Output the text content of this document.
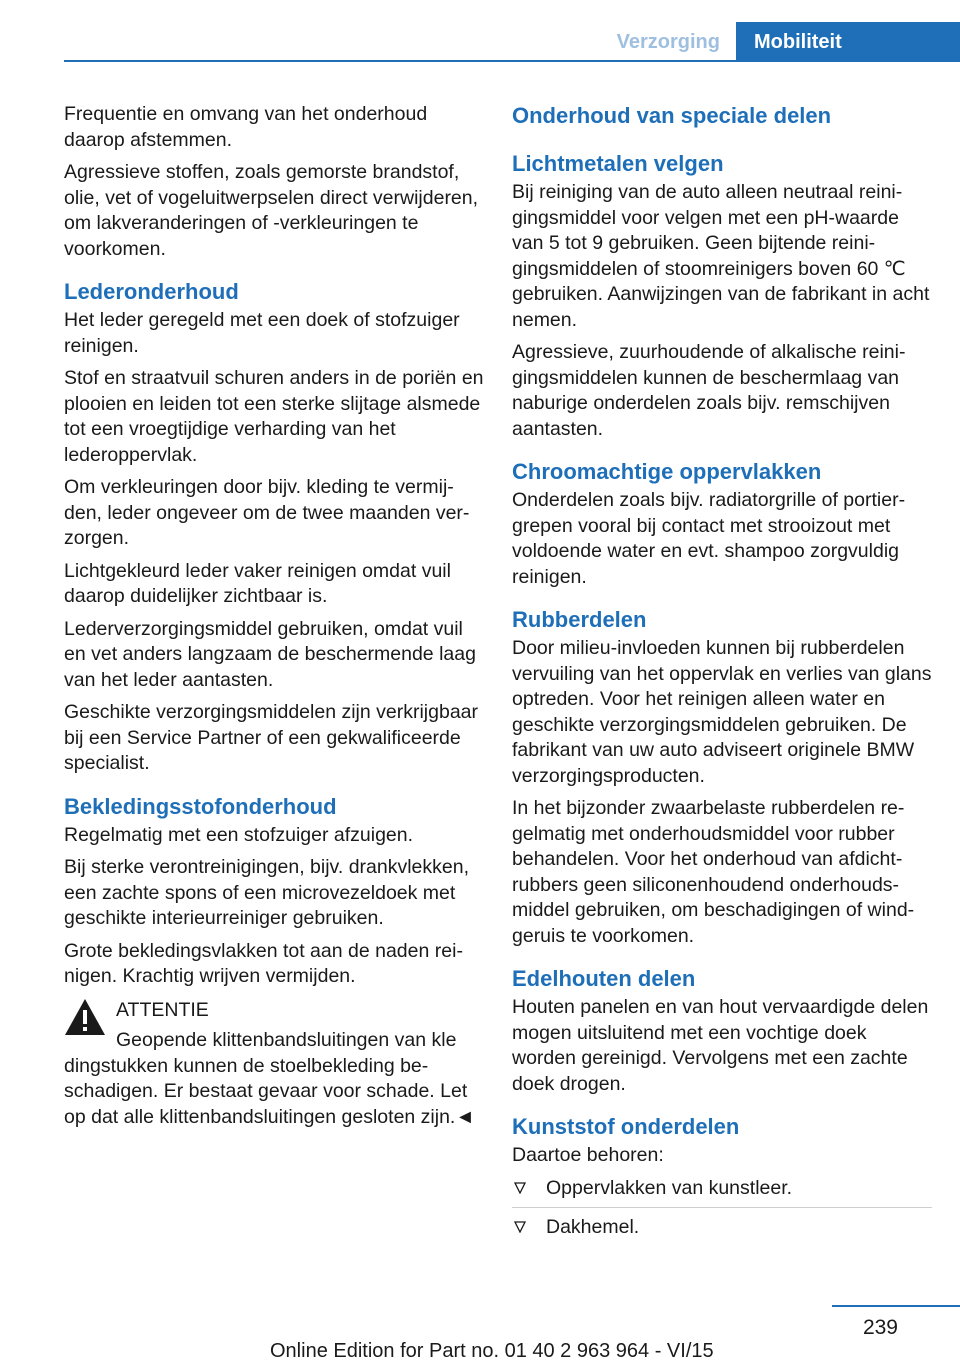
Verzorging	Mobiliteit

Frequentie en omvang van het onderhoud daarop afstemmen.

Agressieve stoffen, zoals gemorste brandstof, olie, vet of vogeluitwerpselen direct verwijderen, om lakveranderingen of -verkleuringen te voorkomen.

Lederonderhoud

Het leder geregeld met een doek of stofzuiger reinigen.

Stof en straatvuil schuren anders in de poriën en plooien en leiden tot een sterke slijtage alsmede tot een vroegtijdige verharding van het lederoppervlak.

Om verkleuringen door bijv. kleding te vermijden, leder ongeveer om de twee maanden verzorgen.

Lichtgekleurd leder vaker reinigen omdat vuil daarop duidelijker zichtbaar is.

Lederverzorgingsmiddel gebruiken, omdat vuil en vet anders langzaam de beschermende laag van het leder aantasten.

Geschikte verzorgingsmiddelen zijn verkrijgbaar bij een Service Partner of een gekwalificeerde specialist.

Bekledingsstofonderhoud

Regelmatig met een stofzuiger afzuigen.

Bij sterke verontreinigingen, bijv. drankvlekken, een zachte spons of een microvezeldoek met geschikte interieurreiniger gebruiken.

Grote bekledingsvlakken tot aan de naden reinigen. Krachtig wrijven vermijden.

ATTENTIE

Geopende klittenbandsluitingen van kle

dingstukken kunnen de stoelbekleding beschadigen. Er bestaat gevaar voor schade. Let op dat alle klittenbandsluitingen gesloten zijn.◄

Onderhoud van speciale delen
Lichtmetalen velgen

Bij reiniging van de auto alleen neutraal reinigingsmiddel voor velgen met een pH-waarde van 5 tot 9 gebruiken. Geen bijtende reinigingsmiddelen of stoomreinigers boven 60 ℃ gebruiken. Aanwijzingen van de fabrikant in acht nemen.

Agressieve, zuurhoudende of alkalische reinigingsmiddelen kunnen de beschermlaag van naburige onderdelen zoals bijv. remschijven aantasten.

Chroomachtige oppervlakken

Onderdelen zoals bijv. radiatorgrille of portiergrepen vooral bij contact met strooizout met voldoende water en evt. shampoo zorgvuldig reinigen.

Rubberdelen

Door milieu-invloeden kunnen bij rubberdelen vervuiling van het oppervlak en verlies van glans optreden. Voor het reinigen alleen water en geschikte verzorgingsmiddelen gebruiken. De fabrikant van uw auto adviseert originele BMW verzorgingsproducten.

In het bijzonder zwaarbelaste rubberdelen regelmatig met onderhoudsmiddel voor rubber behandelen. Voor het onderhoud van afdichtrubbers geen siliconenhoudend onderhoudsmiddel gebruiken, om beschadigingen of windgeruis te voorkomen.

Edelhouten delen

Houten panelen en van hout vervaardigde delen mogen uitsluitend met een vochtige doek worden gereinigd. Vervolgens met een zachte doek drogen.

Kunststof onderdelen

Daartoe behoren:

Oppervlakken van kunstleer.
Dakhemel.
239
Online Edition for Part no. 01 40 2 963 964 - VI/15
